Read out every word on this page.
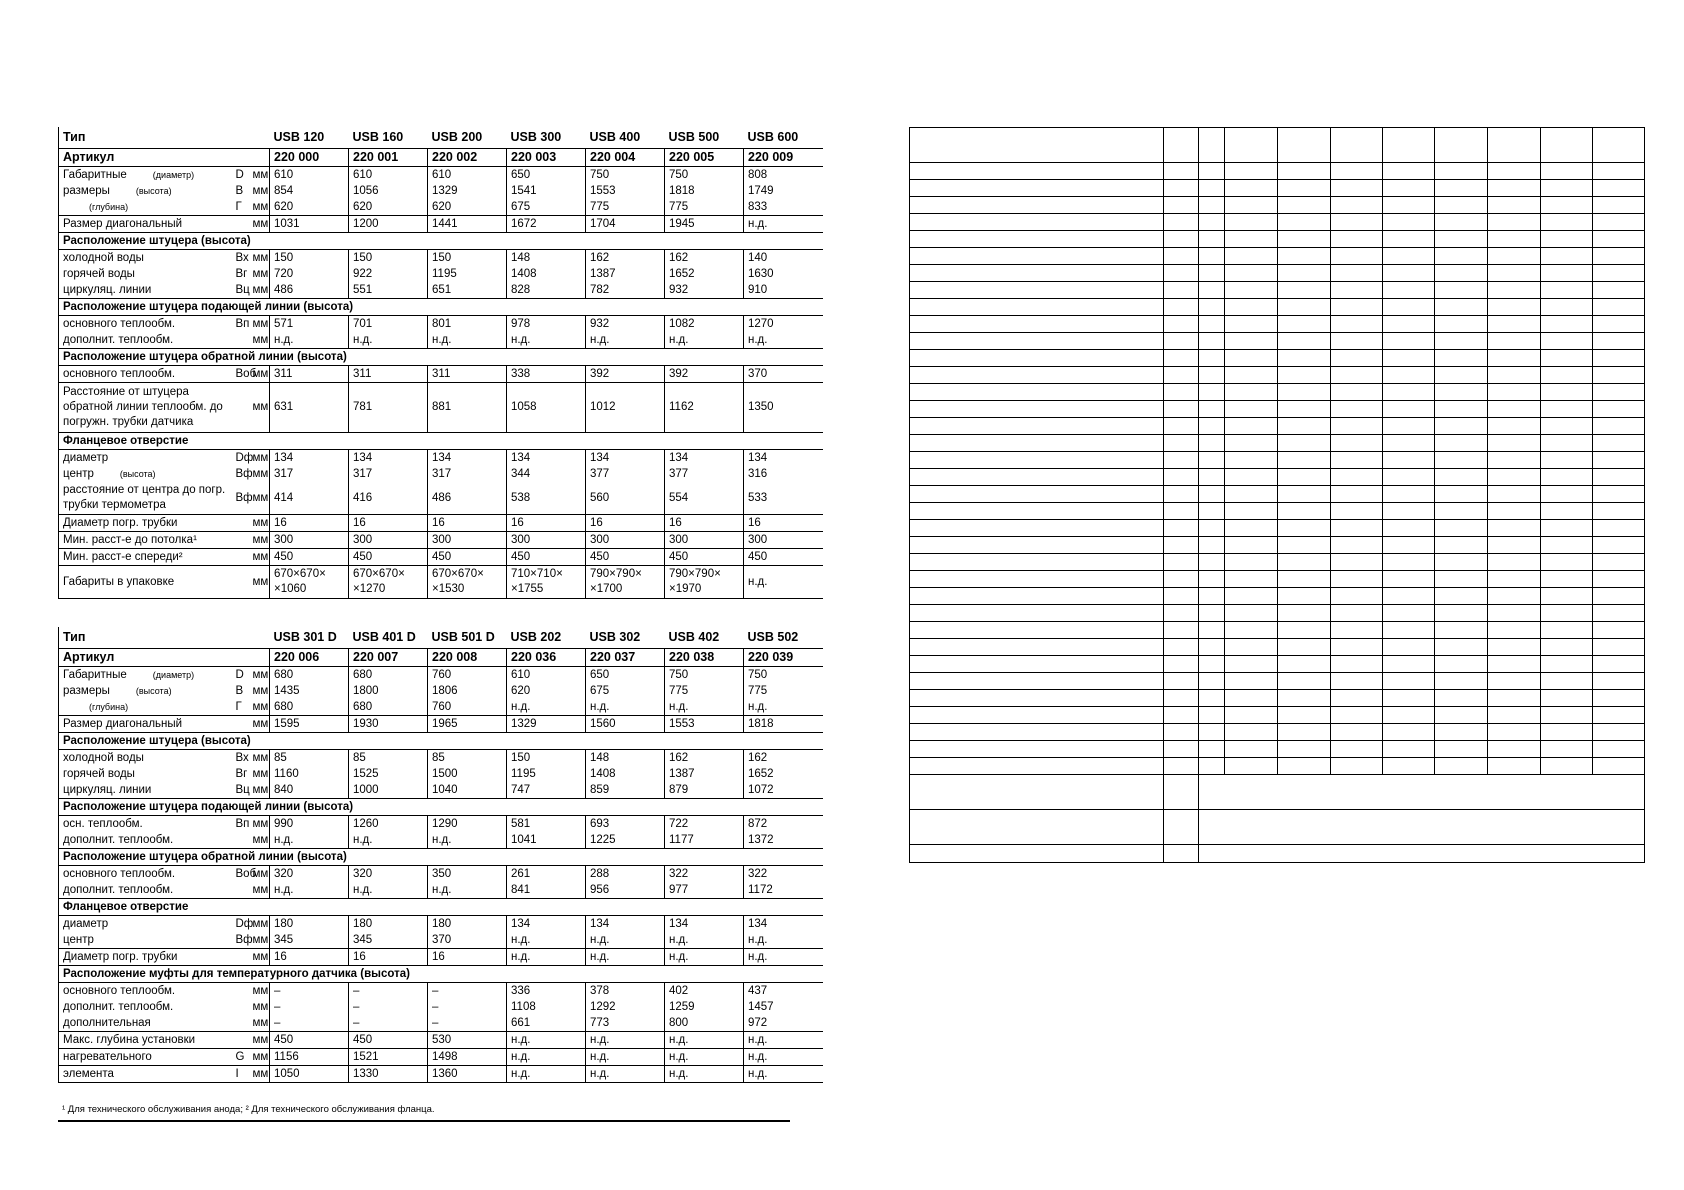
Тип			USB 120	USB 160	USB 200	USB 300	USB 400	USB 500	USB 600
Артикул			220 000	220 001	220 002	220 003	220 004	220 005	220 009
Габаритные (диаметр)	D	мм	610	610	610	650	750	750	808
размеры (высота)	В	мм	854	1056	1329	1541	1553	1818	1749
(глубина)	Г	мм	620	620	620	675	775	775	833
Размер диагональный		мм	1031	1200	1441	1672	1704	1945	н.д.
Расположение штуцера (высота)									
холодной воды	Вх	мм	150	150	150	148	162	162	140
горячей воды	Вг	мм	720	922	1195	1408	1387	1652	1630
циркуляц. линии	Вц	мм	486	551	651	828	782	932	910
Расположение штуцера подающей линии (высота)									
основного теплообм.	Вп	мм	571	701	801	978	932	1082	1270
дополнит. теплообм.		мм	н.д.	н.д.	н.д.	н.д.	н.д.	н.д.	н.д.
Расположение штуцера обратной линии (высота)									
основного теплообм.	Воб	мм	311	311	311	338	392	392	370
Расстояние от штуцера обратной линии теплообм. до погружн. трубки датчика		мм	631	781	881	1058	1012	1162	1350
Фланцевое отверстие									
диаметр	Dф	мм	134	134	134	134	134	134	134
центр (высота)	Вф	мм	317	317	317	344	377	377	316
расстояние от центра до погр. трубки термометра	Вф	мм	414	416	486	538	560	554	533
Диаметр погр. трубки		мм	16	16	16	16	16	16	16
Мин. расст-е до потолка¹		мм	300	300	300	300	300	300	300
Мин. расст-е спереди²		мм	450	450	450	450	450	450	450
Габариты в упаковке		мм	670×670× ×1060	670×670× ×1270	670×670× ×1530	710×710× ×1755	790×790× ×1700	790×790× ×1970	н.д.
Тип			USB 301 D	USB 401 D	USB 501 D	USB 202	USB 302	USB 402	USB 502
Артикул			220 006	220 007	220 008	220 036	220 037	220 038	220 039
Габаритные (диаметр)	D	мм	680	680	760	610	650	750	750
размеры (высота)	В	мм	1435	1800	1806	620	675	775	775
(глубина)	Г	мм	680	680	760	н.д.	н.д.	н.д.	н.д.
Размер диагональный		мм	1595	1930	1965	1329	1560	1553	1818
Расположение штуцера (высота)									
холодной воды	Вх	мм	85	85	85	150	148	162	162
горячей воды	Вг	мм	1160	1525	1500	1195	1408	1387	1652
циркуляц. линии	Вц	мм	840	1000	1040	747	859	879	1072
Расположение штуцера подающей линии (высота)									
осн. теплообм.	Вп	мм	990	1260	1290	581	693	722	872
дополнит. теплообм.		мм	н.д.	н.д.	н.д.	1041	1225	1177	1372
Расположение штуцера обратной линии (высота)									
основного теплообм.	Воб	мм	320	320	350	261	288	322	322
дополнит. теплообм.		мм	н.д.	н.д.	н.д.	841	956	977	1172
Фланцевое отверстие									
диаметр	Dф	мм	180	180	180	134	134	134	134
центр	Вф	мм	345	345	370	н.д.	н.д.	н.д.	н.д.
Диаметр погр. трубки		мм	16	16	16	н.д.	н.д.	н.д.	н.д.
Расположение муфты для температурного датчика (высота)									
основного теплообм.		мм	–	–	–	336	378	402	437
дополнит. теплообм.		мм	–	–	–	1108	1292	1259	1457
дополнительная		мм	–	–	–	661	773	800	972
Макс. глубина установки		мм	450	450	530	н.д.	н.д.	н.д.	н.д.
нагревательного	G	мм	1156	1521	1498	н.д.	н.д.	н.д.	н.д.
элемента	I	мм	1050	1330	1360	н.д.	н.д.	н.д.	н.д.
¹ Для технического обслуживания анода; ² Для технического обслуживания фланца.
